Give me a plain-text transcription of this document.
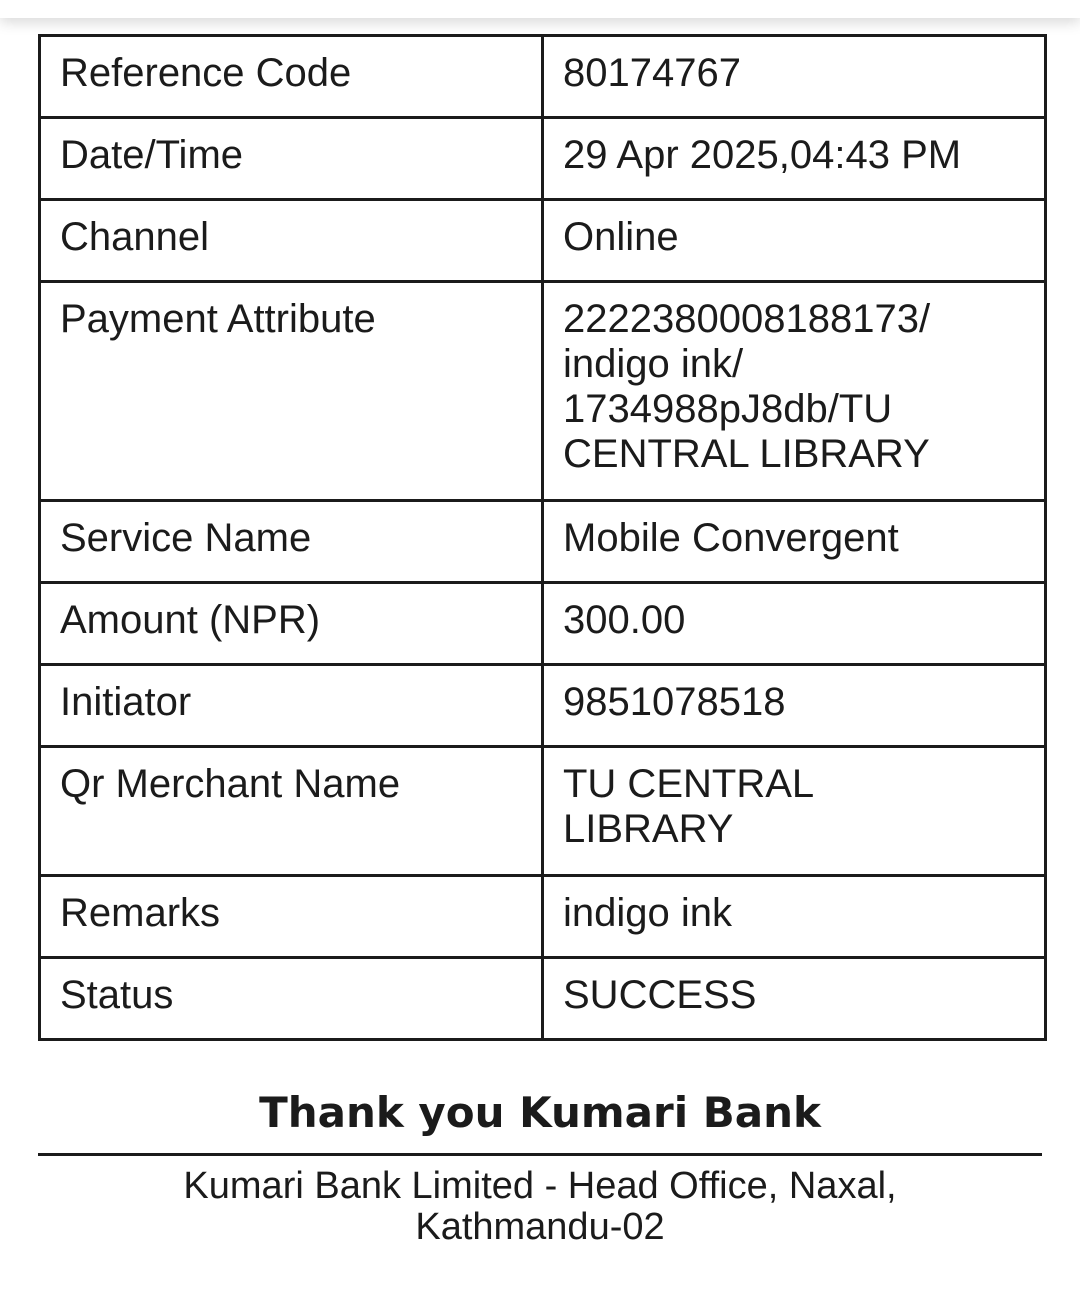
Reference Code	80174767
Date/Time	29 Apr 2025,04:43 PM
Channel	Online
Payment Attribute	2222380008188173/
indigo ink/
1734988pJ8db/TU
CENTRAL LIBRARY

Service Name	Mobile Convergent
Amount (NPR)	300.00
Initiator	9851078518
Qr Merchant Name	TU CENTRAL
LIBRARY

Remarks	indigo ink
Status	SUCCESS
Thank you Kumari Bank
Kumari Bank Limited - Head Office, Naxal,
Kathmandu-02
